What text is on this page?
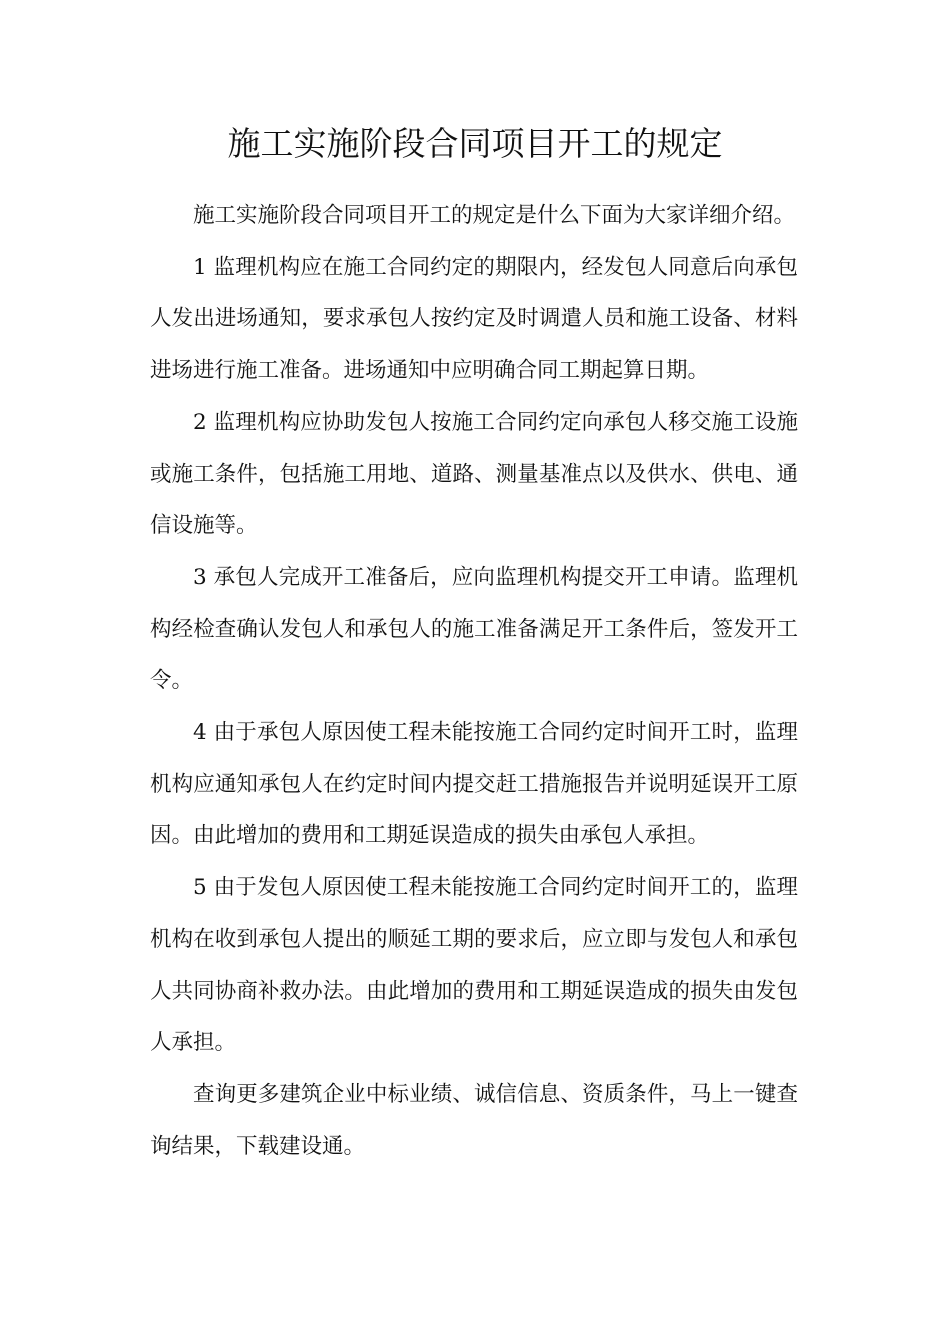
施工实施阶段合同项目开工的规定

施工实施阶段合同项目开工的规定是什么下面为大家详细介绍。

1 监理机构应在施工合同约定的期限内，经发包人同意后向承包人发出进场通知，要求承包人按约定及时调遣人员和施工设备、材料进场进行施工准备。进场通知中应明确合同工期起算日期。

2 监理机构应协助发包人按施工合同约定向承包人移交施工设施或施工条件，包括施工用地、道路、测量基准点以及供水、供电、通信设施等。

3 承包人完成开工准备后，应向监理机构提交开工申请。监理机构经检查确认发包人和承包人的施工准备满足开工条件后，签发开工令。

4 由于承包人原因使工程未能按施工合同约定时间开工时，监理机构应通知承包人在约定时间内提交赶工措施报告并说明延误开工原因。由此增加的费用和工期延误造成的损失由承包人承担。

5 由于发包人原因使工程未能按施工合同约定时间开工的，监理机构在收到承包人提出的顺延工期的要求后，应立即与发包人和承包人共同协商补救办法。由此增加的费用和工期延误造成的损失由发包人承担。

查询更多建筑企业中标业绩、诚信信息、资质条件，马上一键查询结果，下载建设通。
